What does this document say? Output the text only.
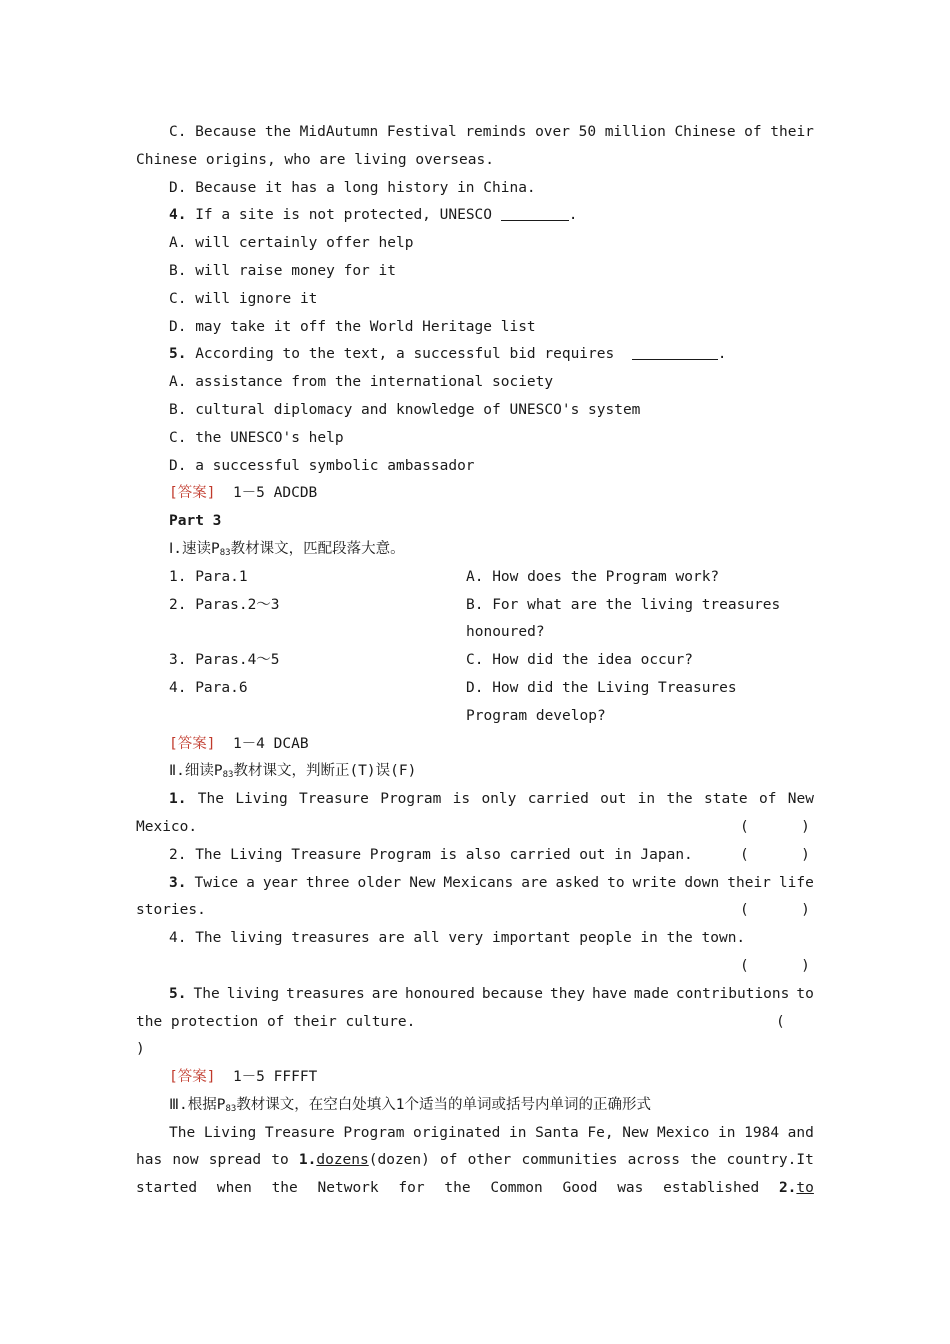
C. Because the MidAutumn Festival reminds over 50 million Chinese of their
Chinese origins, who are living overseas.
D. Because it has a long history in China.
4. If a site is not protected, UNESCO	.
A. will certainly offer help
B. will raise money for it
C. will ignore it
D. may take it off the World Heritage list
5. According to the text, a successful bid requires	.
A. assistance from the international society
B. cultural diplomacy and knowledge of UNESCO's system
C. the UNESCO's help
D. a successful symbolic ambassador
[答案] 1－5 ADCDB
Part 3
Ⅰ.速读$P_{83}$教材课文，匹配段落大意。
1. Para.1	A. How does the Program work?
2. Paras.2～3	B. For what are the living treasures
honoured?
3. Paras.4～5	C. How did the idea occur?
4. Para.6	D. How did the Living Treasures
Program develop?
[答案] 1－4 DCAB
Ⅱ.细读$P_{83}$教材课文，判断正(T)误(F)
1. The Living Treasure Program is only carried out in the state of New
Mexico.	(      )
2. The Living Treasure Program is also carried out in Japan.	(      )
3. Twice a year three older New Mexicans are asked to write down their life
stories.	(      )
4. The living treasures are all very important people in the town.
(      )
5. The living treasures are honoured because they have made contributions to
the protection of their culture.	(
)
[答案] 1－5 FFFFT
Ⅲ.根据$P_{83}$教材课文，在空白处填入1个适当的单词或括号内单词的正确形式
The Living Treasure Program originated in Santa Fe, New Mexico in 1984 and
has now spread to 1.dozens(dozen) of other communities across the country.It
started when the Network for the Common Good was established 2.to
